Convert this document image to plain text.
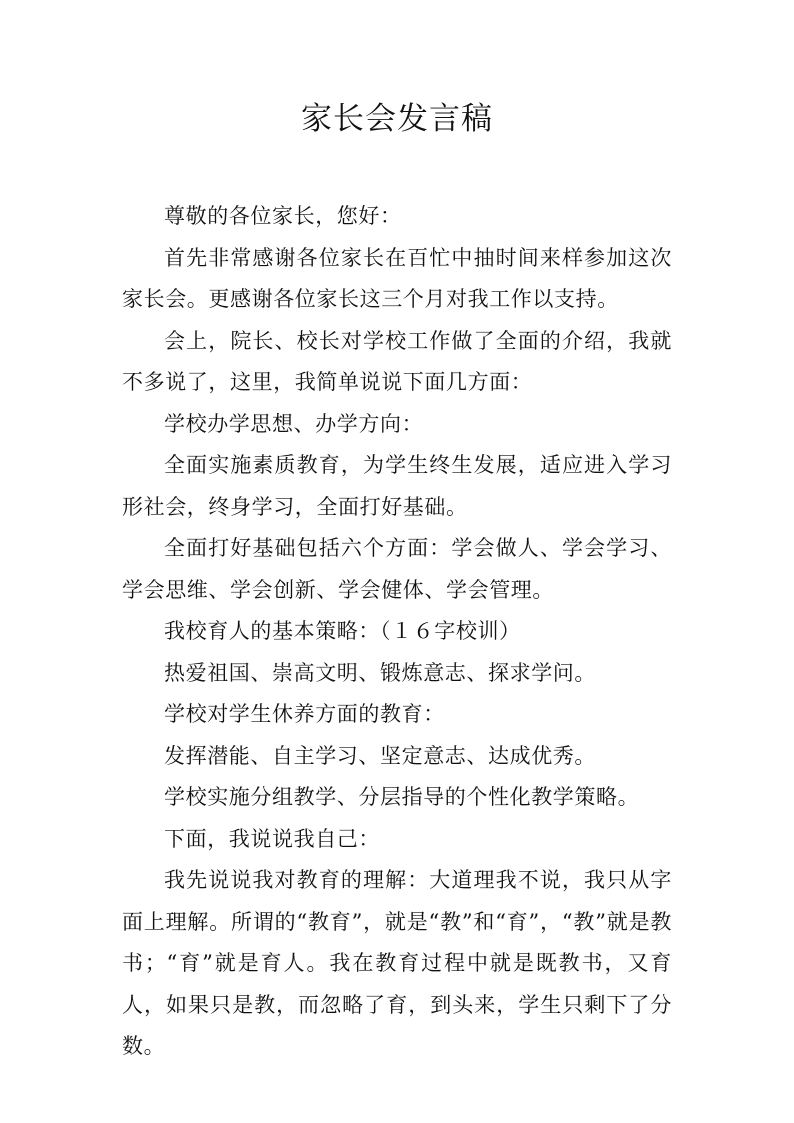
家长会发言稿

尊敬的各位家长，您好：

首先非常感谢各位家长在百忙中抽时间来样参加这次家长会。更感谢各位家长这三个月对我工作以支持。

会上，院长、校长对学校工作做了全面的介绍，我就不多说了，这里，我简单说说下面几方面：

学校办学思想、办学方向：

全面实施素质教育，为学生终生发展，适应进入学习形社会，终身学习，全面打好基础。

全面打好基础包括六个方面：学会做人、学会学习、学会思维、学会创新、学会健体、学会管理。

我校育人的基本策略：（１６字校训）

热爱祖国、崇高文明、锻炼意志、探求学问。

学校对学生休养方面的教育：

发挥潜能、自主学习、坚定意志、达成优秀。

学校实施分组教学、分层指导的个性化教学策略。

下面，我说说我自己：

我先说说我对教育的理解：大道理我不说，我只从字面上理解。所谓的“教育”，就是“教”和“育”，“教”就是教书；“育”就是育人。我在教育过程中就是既教书，又育人，如果只是教，而忽略了育，到头来，学生只剩下了分数。
